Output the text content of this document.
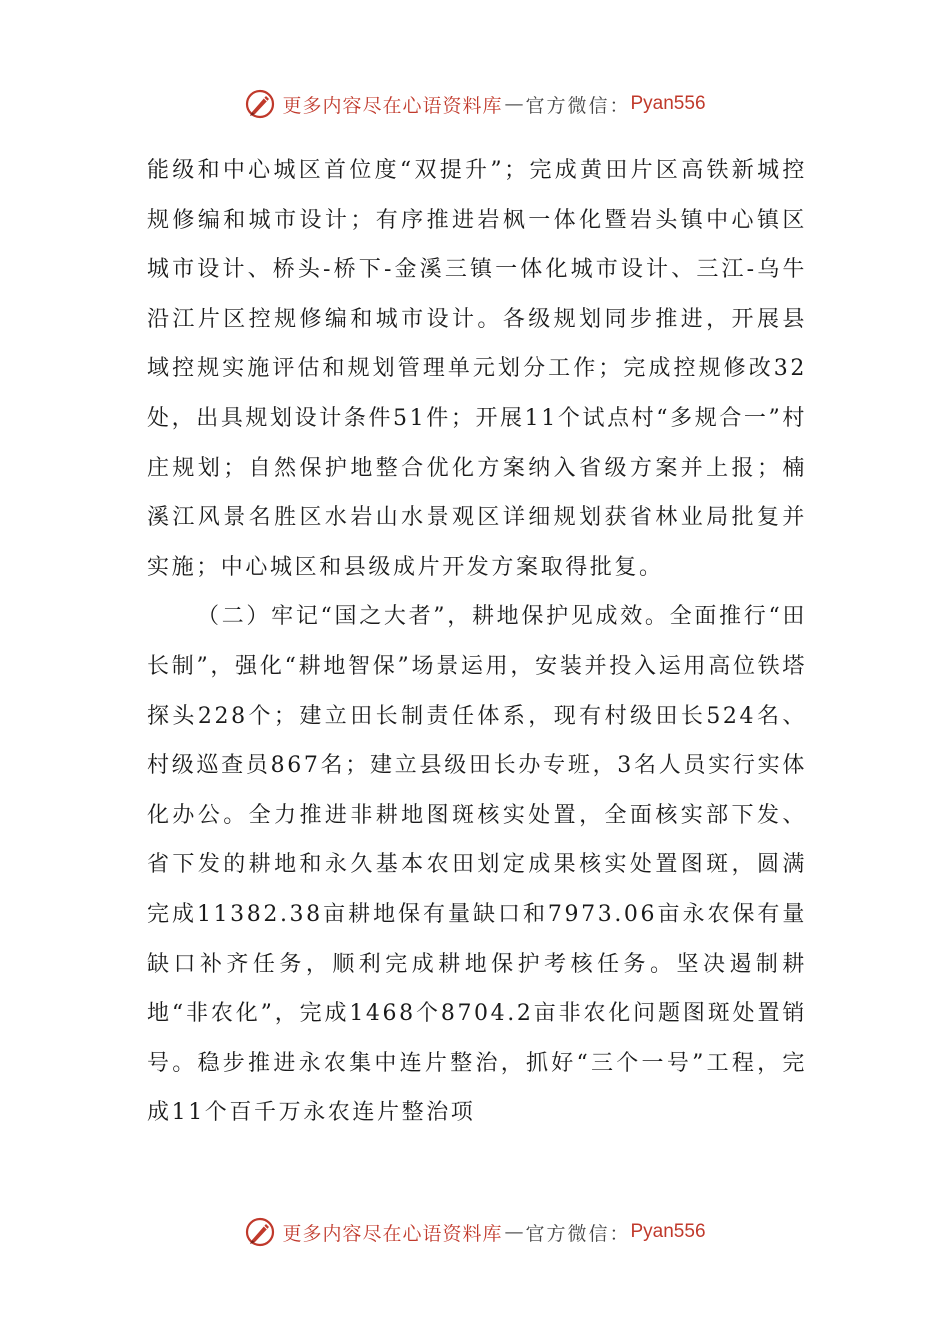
更多内容尽在心语资料库 — 官方微信： Pyan556

能级和中心城区首位度“双提升”；完成黄田片区高铁新城控规修编和城市设计；有序推进岩枫一体化暨岩头镇中心镇区城市设计、桥头-桥下-金溪三镇一体化城市设计、三江-乌牛沿江片区控规修编和城市设计。各级规划同步推进，开展县域控规实施评估和规划管理单元划分工作；完成控规修改32处，出具规划设计条件51件；开展11个试点村“多规合一”村庄规划；自然保护地整合优化方案纳入省级方案并上报；楠溪江风景名胜区水岩山水景观区详细规划获省林业局批复并实施；中心城区和县级成片开发方案取得批复。

（二）牢记“国之大者”，耕地保护见成效。全面推行“田长制”，强化“耕地智保”场景运用，安装并投入运用高位铁塔探头228个；建立田长制责任体系，现有村级田长524名、村级巡查员867名；建立县级田长办专班，3名人员实行实体化办公。全力推进非耕地图斑核实处置，全面核实部下发、省下发的耕地和永久基本农田划定成果核实处置图斑，圆满完成11382.38亩耕地保有量缺口和7973.06亩永农保有量缺口补齐任务，顺利完成耕地保护考核任务。坚决遏制耕地“非农化”，完成1468个8704.2亩非农化问题图斑处置销号。稳步推进永农集中连片整治，抓好“三个一号”工程，完成11个百千万永农连片整治项

更多内容尽在心语资料库 — 官方微信： Pyan556
